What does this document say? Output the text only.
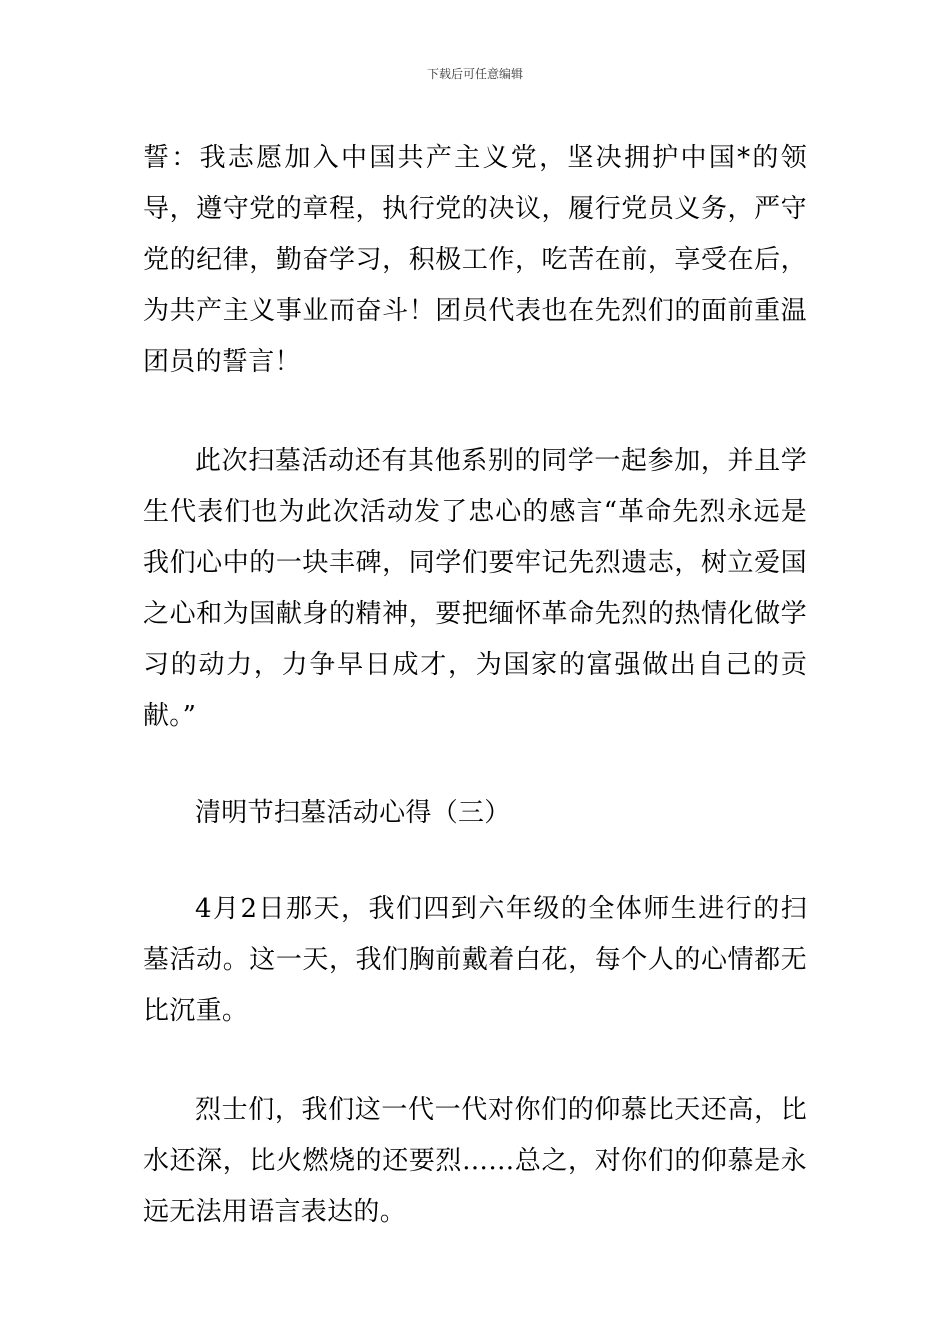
下载后可任意编辑

誓：我志愿加入中国共产主义党，坚决拥护中国*的领导，遵守党的章程，执行党的决议，履行党员义务，严守党的纪律，勤奋学习，积极工作，吃苦在前，享受在后，为共产主义事业而奋斗！团员代表也在先烈们的面前重温团员的誓言！

此次扫墓活动还有其他系别的同学一起参加，并且学生代表们也为此次活动发了忠心的感言“革命先烈永远是我们心中的一块丰碑，同学们要牢记先烈遗志，树立爱国之心和为国献身的精神，要把缅怀革命先烈的热情化做学习的动力，力争早日成才，为国家的富强做出自己的贡献。”

清明节扫墓活动心得（三）

4月2日那天，我们四到六年级的全体师生进行的扫墓活动。这一天，我们胸前戴着白花，每个人的心情都无比沉重。

烈士们，我们这一代一代对你们的仰慕比天还高，比水还深，比火燃烧的还要烈……总之，对你们的仰慕是永远无法用语言表达的。
